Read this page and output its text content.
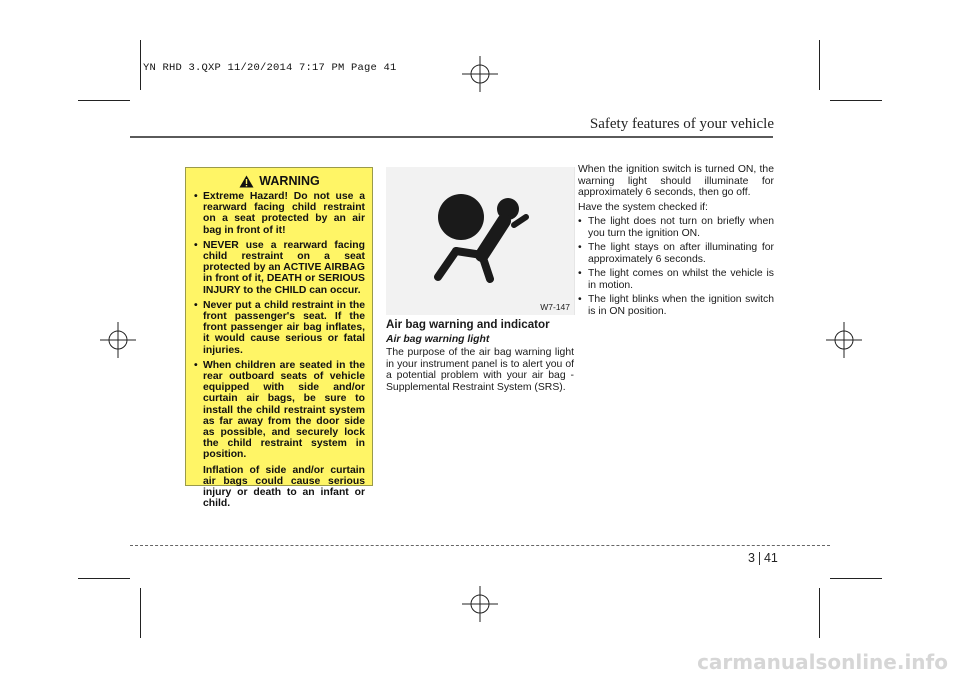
YN RHD 3.QXP 11/20/2014 7:17 PM Page 41
Safety features of your vehicle
WARNING
• Extreme Hazard! Do not use a rearward facing child restraint on a seat protected by an air bag in front of it!
• NEVER use a rearward facing child restraint on a seat protected by an ACTIVE AIRBAG in front of it, DEATH or SERIOUS INJURY to the CHILD can occur.
• Never put a child restraint in the front passenger's seat. If the front passenger air bag inflates, it would cause serious or fatal injuries.
• When children are seated in the rear outboard seats of vehicle equipped with side and/or curtain air bags, be sure to install the child restraint system as far away from the door side as possible, and securely lock the child restraint system in position.

Inflation of side and/or curtain air bags could cause serious injury or death to an infant or child.

W7-147
Air bag warning and indicator
Air bag warning light

The purpose of the air bag warning light in your instrument panel is to alert you of a potential problem with your air bag - Supplemental Restraint System (SRS).

When the ignition switch is turned ON, the warning light should illuminate for approximately 6 seconds, then go off.

Have the system checked if:

• The light does not turn on briefly when you turn the ignition ON.
• The light stays on after illuminating for approximately 6 seconds.
• The light comes on whilst the vehicle is in motion.
• The light blinks when the ignition switch is in ON position.
3 41
carmanualsonline.info
